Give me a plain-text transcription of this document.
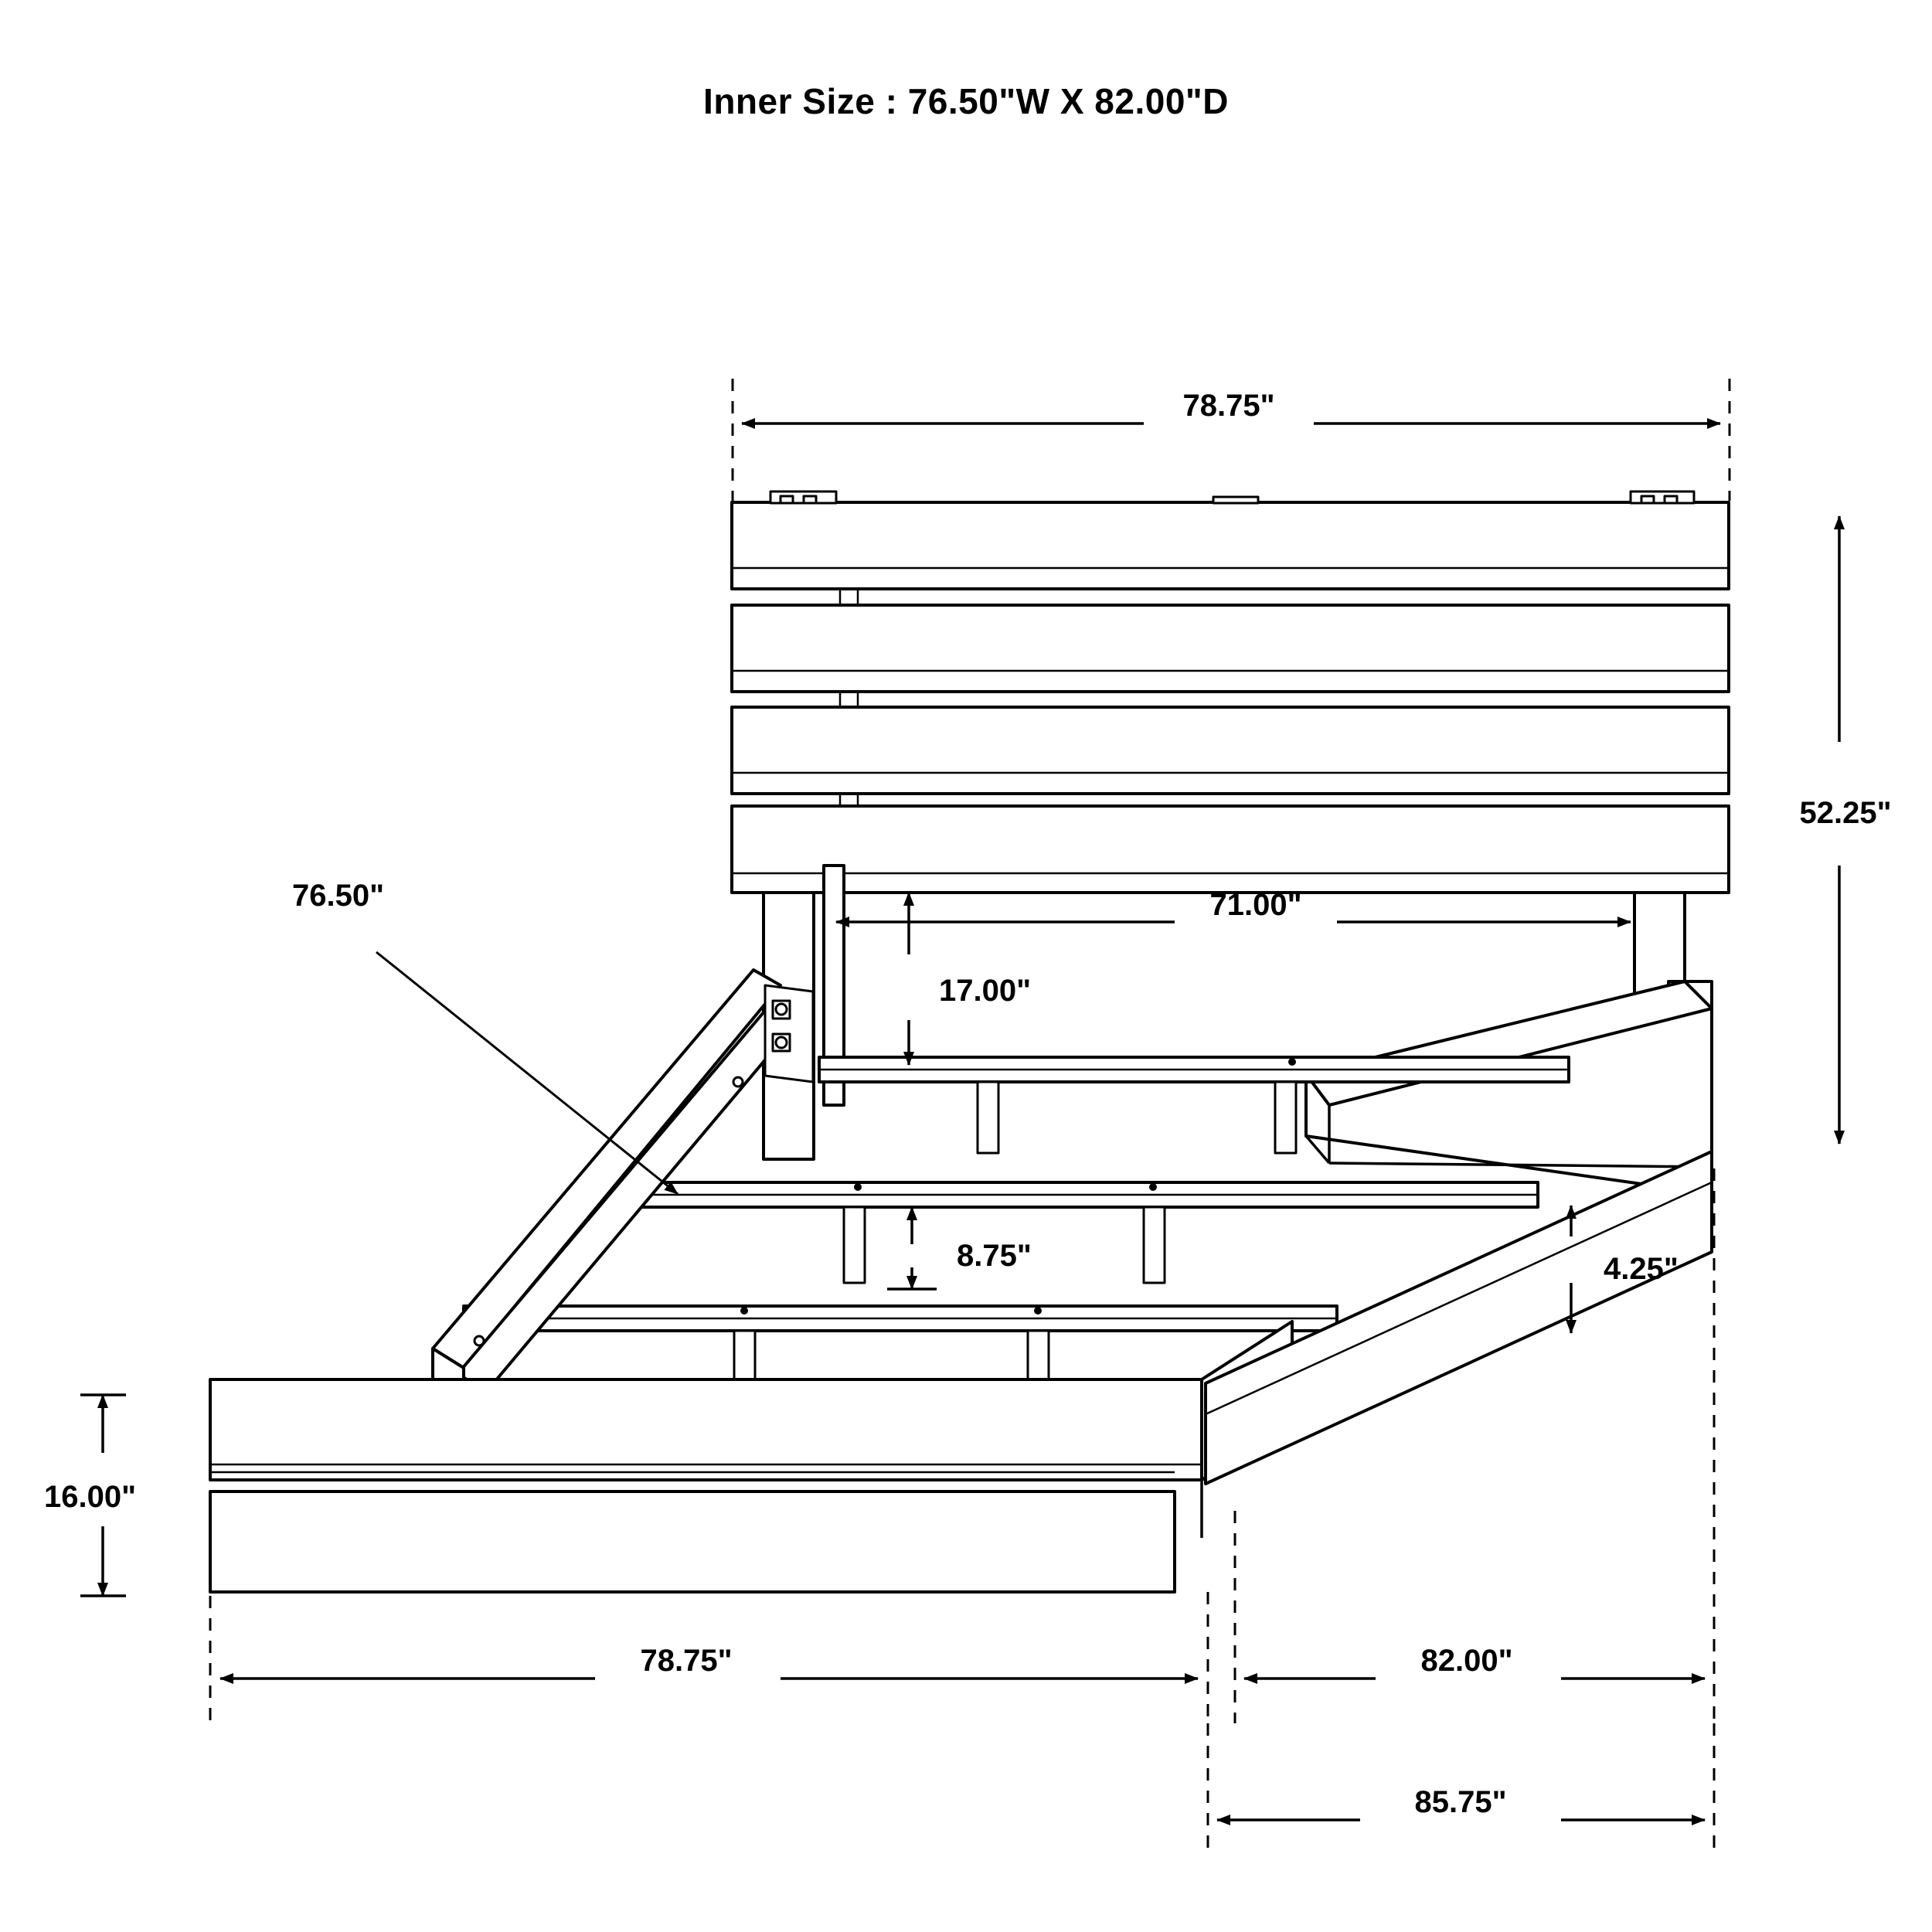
Inner Size : 76.50"W X 82.00"D
78.75"
52.25"
71.00"
17.00"
76.50"
8.75"	4.25"
16.00"
78.75"	82.00"
85.75"
